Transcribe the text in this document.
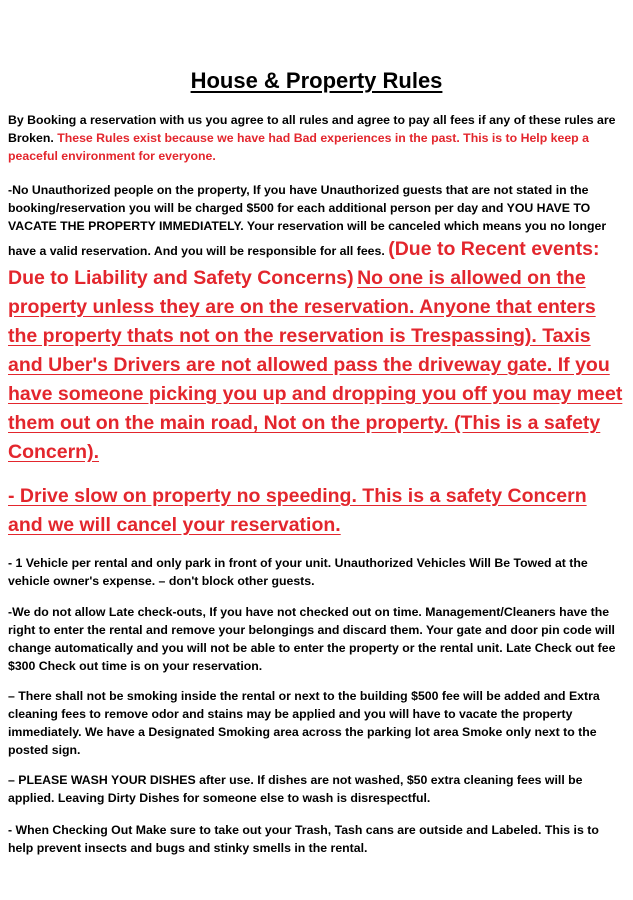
House & Property Rules
By Booking a reservation with us you agree to all rules and agree to pay all fees if any of these rules are Broken. These Rules exist because we have had Bad experiences in the past. This is to Help keep a peaceful environment for everyone.
-No Unauthorized people on the property, If you have Unauthorized guests that are not stated in the booking/reservation you will be charged $500 for each additional person per day and YOU HAVE TO VACATE THE PROPERTY IMMEDIATELY. Your reservation will be canceled which means you no longer have a valid reservation. And you will be responsible for all fees. (Due to Recent events: Due to Liability and Safety Concerns) No one is allowed on the property unless they are on the reservation. Anyone that enters the property thats not on the reservation is Trespassing). Taxis and Uber's Drivers are not allowed pass the driveway gate. If you have someone picking you up and dropping you off you may meet them out on the main road, Not on the property. (This is a safety Concern).
- Drive slow on property no speeding. This is a safety Concern and we will cancel your reservation.
- 1 Vehicle per rental and only park in front of your unit. Unauthorized Vehicles Will Be Towed at the vehicle owner's expense. – don't block other guests.
-We do not allow Late check-outs, If you have not checked out on time. Management/Cleaners have the right to enter the rental and remove your belongings and discard them. Your gate and door pin code will change automatically and you will not be able to enter the property or the rental unit. Late Check out fee $300 Check out time is on your reservation.
– There shall not be smoking inside the rental or next to the building $500 fee will be added and Extra cleaning fees to remove odor and stains may be applied and you will have to vacate the property immediately. We have a Designated Smoking area across the parking lot area Smoke only next to the posted sign.
– PLEASE WASH YOUR DISHES after use. If dishes are not washed, $50 extra cleaning fees will be applied. Leaving Dirty Dishes for someone else to wash is disrespectful.
- When Checking Out Make sure to take out your Trash, Tash cans are outside and Labeled. This is to help prevent insects and bugs and stinky smells in the rental.
